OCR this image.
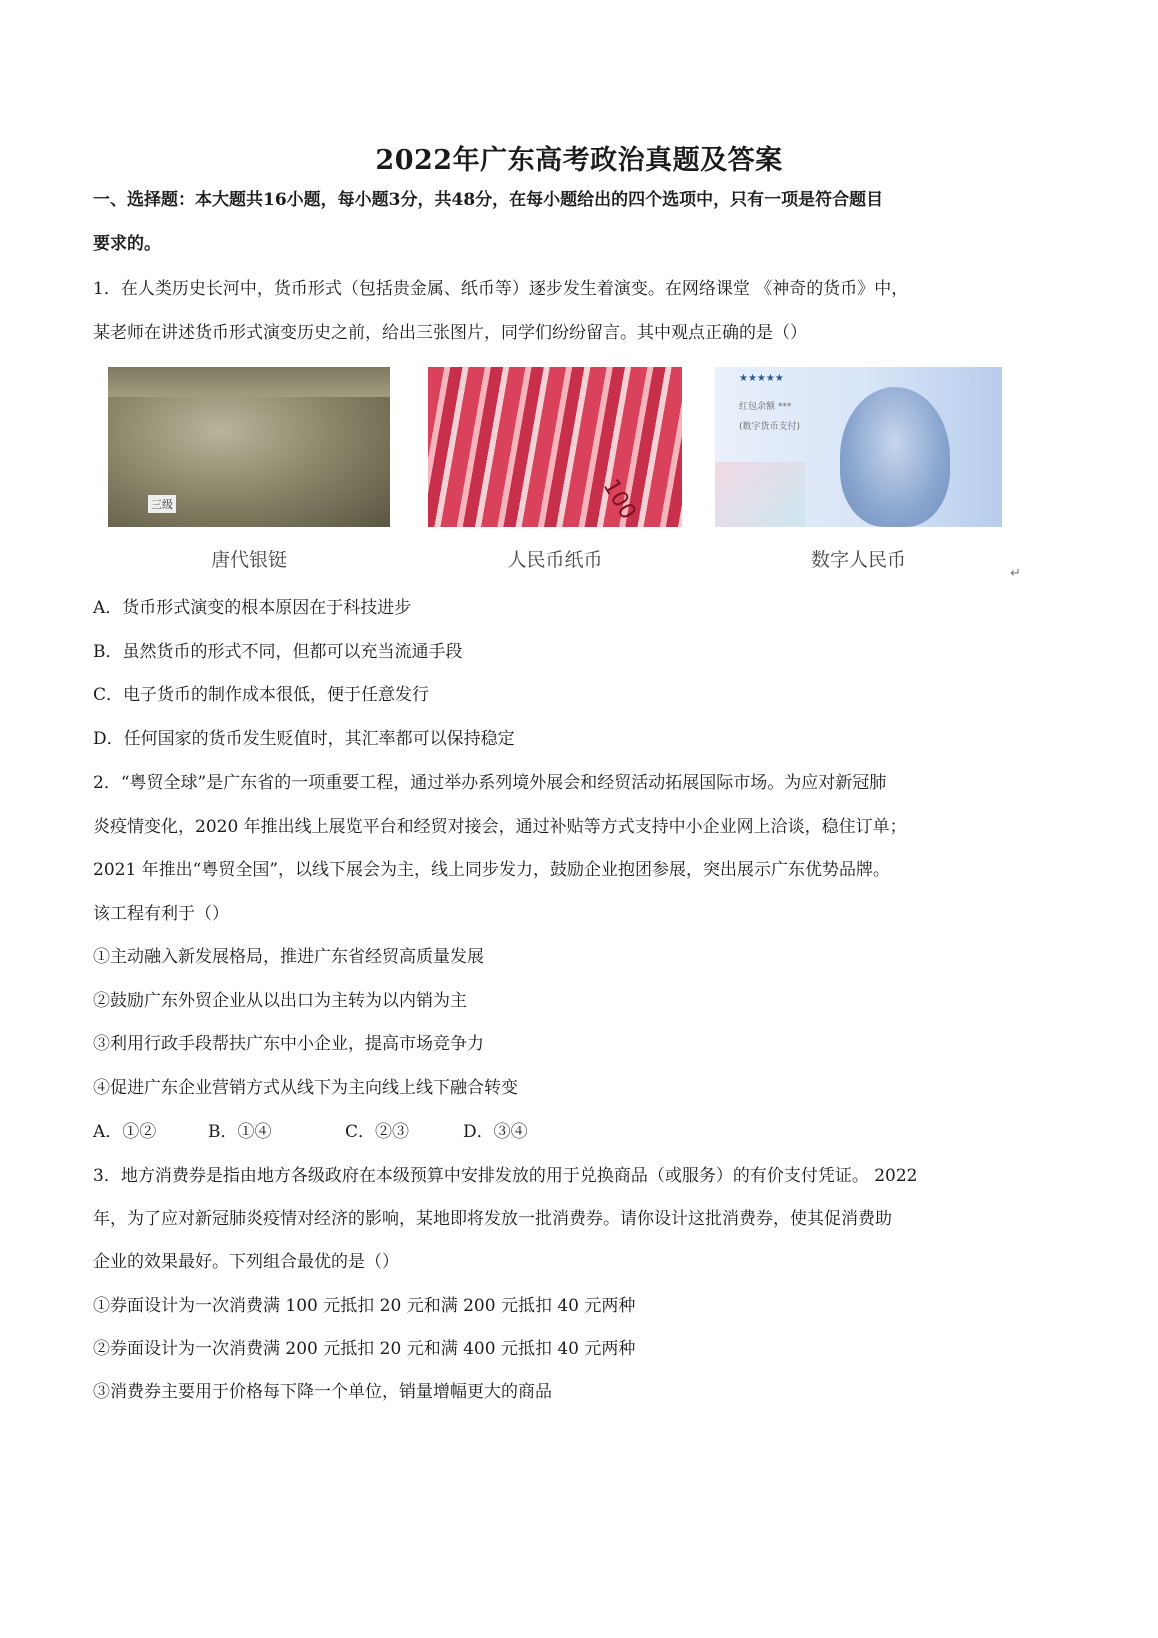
2022年广东高考政治真题及答案
一、选择题：本大题共16小题，每小题3分，共48分，在每小题给出的四个选项中，只有一项是符合题目
要求的。
1．在人类历史长河中，货币形式（包括贵金属、纸币等）逐步发生着演变。在网络课堂 《神奇的货币》中，
某老师在讲述货币形式演变历史之前，给出三张图片，同学们纷纷留言。其中观点正确的是（）
三级
唐代银铤
100
人民币纸币
★★★★★
红包余额 ***
(数字货币支付)
数字人民币
↵
A．货币形式演变的根本原因在于科技进步
B．虽然货币的形式不同，但都可以充当流通手段
C．电子货币的制作成本很低，便于任意发行
D．任何国家的货币发生贬值时，其汇率都可以保持稳定
2．“粤贸全球”是广东省的一项重要工程，通过举办系列境外展会和经贸活动拓展国际市场。为应对新冠肺
炎疫情变化，2020 年推出线上展览平台和经贸对接会，通过补贴等方式支持中小企业网上洽谈，稳住订单；
2021 年推出“粤贸全国”，以线下展会为主，线上同步发力，鼓励企业抱团参展，突出展示广东优势品牌。
该工程有利于（）
①主动融入新发展格局，推进广东省经贸高质量发展
②鼓励广东外贸企业从以出口为主转为以内销为主
③利用行政手段帮扶广东中小企业，提高市场竞争力
④促进广东企业营销方式从线下为主向线上线下融合转变
A．①②	B．①④	C．②③	D．③④
3．地方消费券是指由地方各级政府在本级预算中安排发放的用于兑换商品（或服务）的有价支付凭证。 2022
年，为了应对新冠肺炎疫情对经济的影响，某地即将发放一批消费券。请你设计这批消费券，使其促消费助
企业的效果最好。下列组合最优的是（）
①券面设计为一次消费满 100 元抵扣 20 元和满 200 元抵扣 40 元两种
②券面设计为一次消费满 200 元抵扣 20 元和满 400 元抵扣 40 元两种
③消费券主要用于价格每下降一个单位，销量增幅更大的商品
